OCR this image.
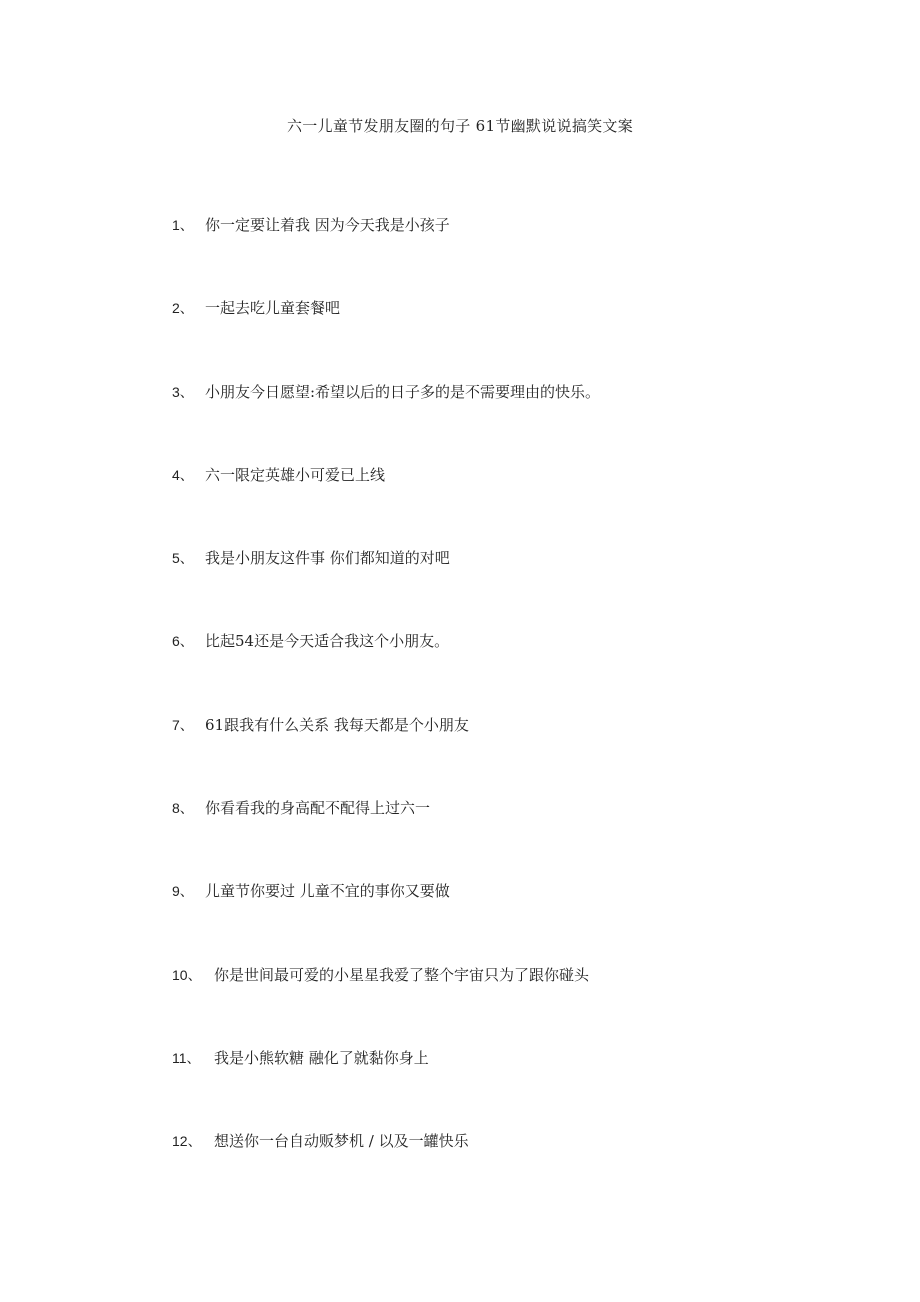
六一儿童节发朋友圈的句子 61节幽默说说搞笑文案
1、 你一定要让着我 因为今天我是小孩子
2、 一起去吃儿童套餐吧
3、 小朋友今日愿望:希望以后的日子多的是不需要理由的快乐。
4、 六一限定英雄小可爱已上线
5、 我是小朋友这件事 你们都知道的对吧
6、 比起54还是今天适合我这个小朋友。
7、 61跟我有什么关系 我每天都是个小朋友
8、 你看看我的身高配不配得上过六一
9、 儿童节你要过 儿童不宜的事你又要做
10、 你是世间最可爱的小星星我爱了整个宇宙只为了跟你碰头
11、 我是小熊软糖 融化了就黏你身上
12、 想送你一台自动贩梦机 / 以及一罐快乐
